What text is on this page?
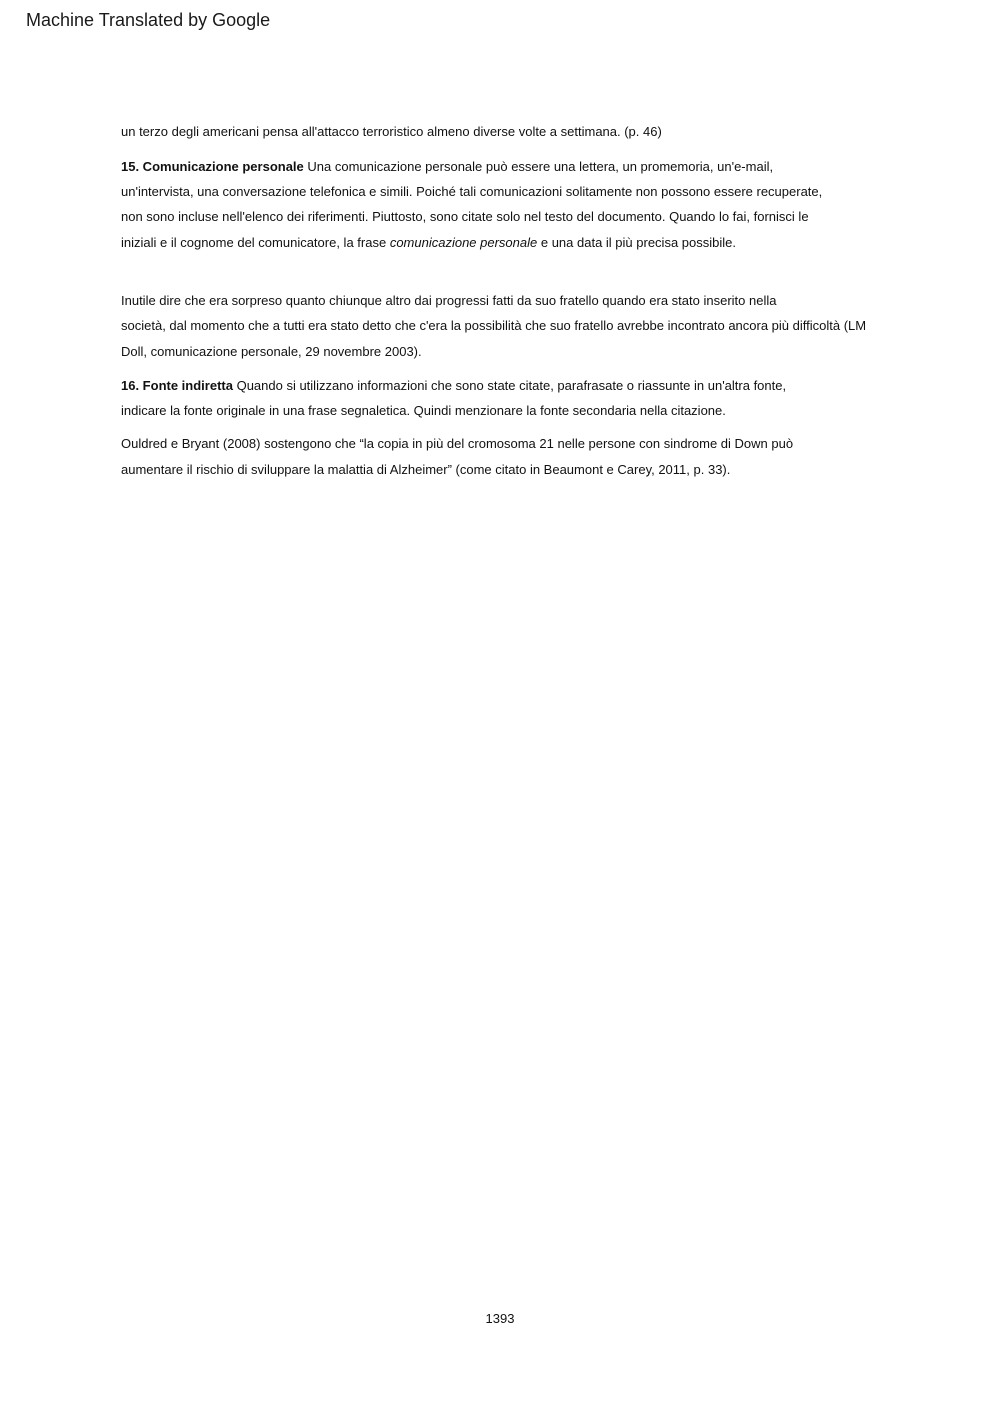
Machine Translated by Google
un terzo degli americani pensa all'attacco terroristico almeno diverse volte a settimana. (p. 46)
15. Comunicazione personale Una comunicazione personale può essere una lettera, un promemoria, un'e-mail,
un'intervista, una conversazione telefonica e simili. Poiché tali comunicazioni solitamente non possono essere recuperate,
non sono incluse nell'elenco dei riferimenti. Piuttosto, sono citate solo nel testo del documento. Quando lo fai, fornisci le
iniziali e il cognome del comunicatore, la frase comunicazione personale e una data il più precisa possibile.
Inutile dire che era sorpreso quanto chiunque altro dai progressi fatti da suo fratello quando era stato inserito nella
società, dal momento che a tutti era stato detto che c'era la possibilità che suo fratello avrebbe incontrato ancora più difficoltà (LM
Doll, comunicazione personale, 29 novembre 2003).
16. Fonte indiretta Quando si utilizzano informazioni che sono state citate, parafrasate o riassunte in un'altra fonte,
indicare la fonte originale in una frase segnaletica. Quindi menzionare la fonte secondaria nella citazione.
Ouldred e Bryant (2008) sostengono che “la copia in più del cromosoma 21 nelle persone con sindrome di Down può
aumentare il rischio di sviluppare la malattia di Alzheimer” (come citato in Beaumont e Carey, 2011, p. 33).
1393
